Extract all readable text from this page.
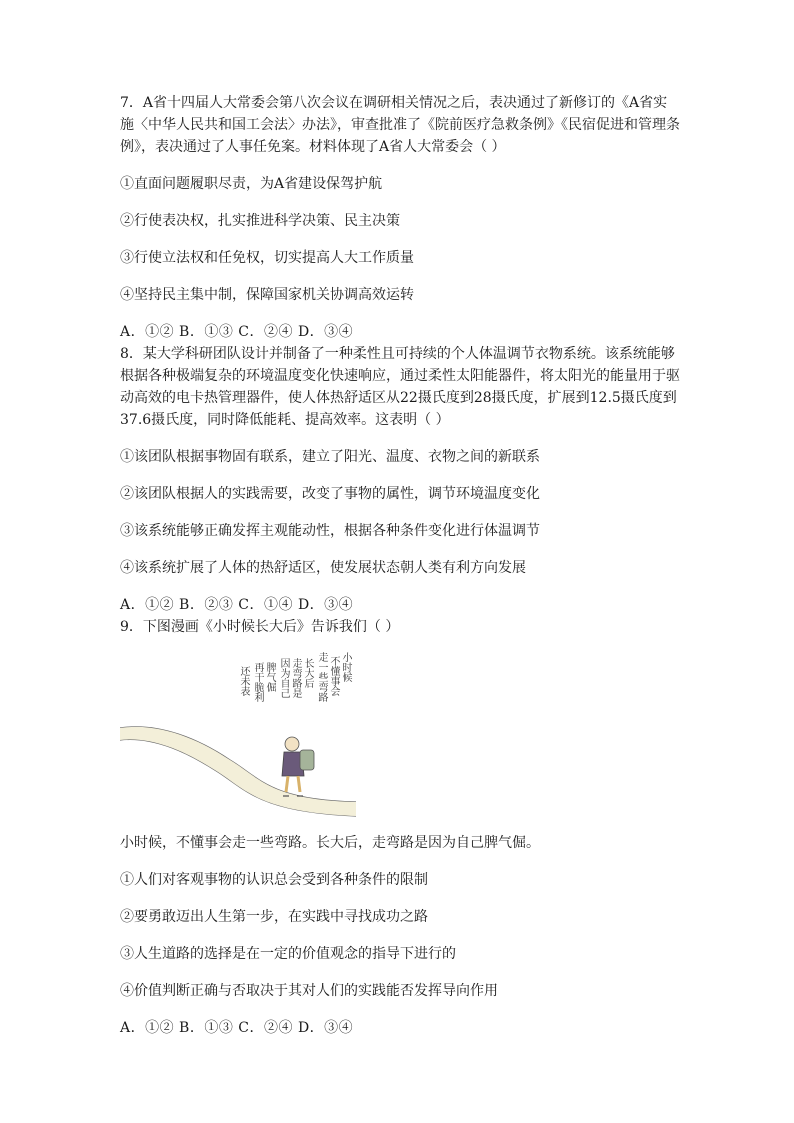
7．A省十四届人大常委会第八次会议在调研相关情况之后，表决通过了新修订的《A省实施〈中华人民共和国工会法〉办法》，审查批准了《院前医疗急救条例》《民宿促进和管理条例》，表决通过了人事任免案。材料体现了A省人大常委会（ ）

①直面问题履职尽责，为A省建设保驾护航

②行使表决权，扎实推进科学决策、民主决策

③行使立法权和任免权，切实提高人大工作质量

④坚持民主集中制，保障国家机关协调高效运转

A．①② B．①③ C．②④ D．③④

8．某大学科研团队设计并制备了一种柔性且可持续的个人体温调节衣物系统。该系统能够根据各种极端复杂的环境温度变化快速响应，通过柔性太阳能器件，将太阳光的能量用于驱动高效的电卡热管理器件，使人体热舒适区从22摄氏度到28摄氏度，扩展到12.5摄氏度到37.6摄氏度，同时降低能耗、提高效率。这表明（ ）

①该团队根据事物固有联系，建立了阳光、温度、衣物之间的新联系

②该团队根据人的实践需要，改变了事物的属性，调节环境温度变化

③该系统能够正确发挥主观能动性，根据各种条件变化进行体温调节

④该系统扩展了人体的热舒适区，使发展状态朝人类有利方向发展

A．①② B．②③ C．①④ D．③④

9．下图漫画《小时候长大后》告诉我们（ ）

小时候
不懂事会
走一些弯路
长大后
走弯路是
因为自己
脾气倔
再干脆利
还未表

小时候，不懂事会走一些弯路。长大后，走弯路是因为自己脾气倔。

①人们对客观事物的认识总会受到各种条件的限制

②要勇敢迈出人生第一步，在实践中寻找成功之路

③人生道路的选择是在一定的价值观念的指导下进行的

④价值判断正确与否取决于其对人们的实践能否发挥导向作用

A．①② B．①③ C．②④ D．③④
